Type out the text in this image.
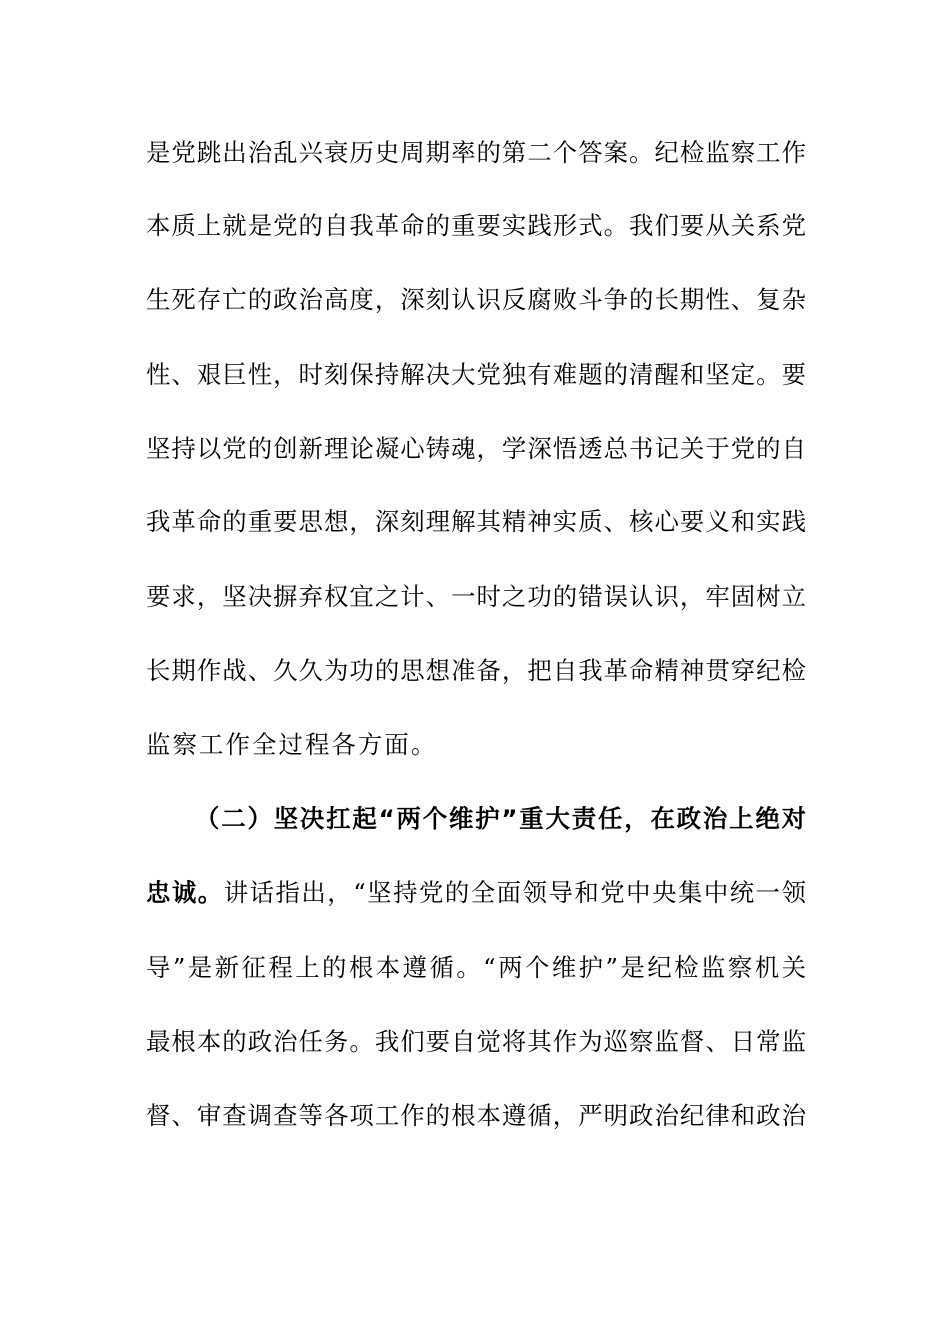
是党跳出治乱兴衰历史周期率的第二个答案。纪检监察工作
本质上就是党的自我革命的重要实践形式。我们要从关系党
生死存亡的政治高度，深刻认识反腐败斗争的长期性、复杂
性、艰巨性，时刻保持解决大党独有难题的清醒和坚定。要
坚持以党的创新理论凝心铸魂，学深悟透总书记关于党的自
我革命的重要思想，深刻理解其精神实质、核心要义和实践
要求，坚决摒弃权宜之计、一时之功的错误认识，牢固树立
长期作战、久久为功的思想准备，把自我革命精神贯穿纪检
监察工作全过程各方面。
（二）坚决扛起“两个维护”重大责任，在政治上绝对
忠诚。讲话指出，“坚持党的全面领导和党中央集中统一领
导”是新征程上的根本遵循。“两个维护”是纪检监察机关
最根本的政治任务。我们要自觉将其作为巡察监督、日常监
督、审查调查等各项工作的根本遵循，严明政治纪律和政治
